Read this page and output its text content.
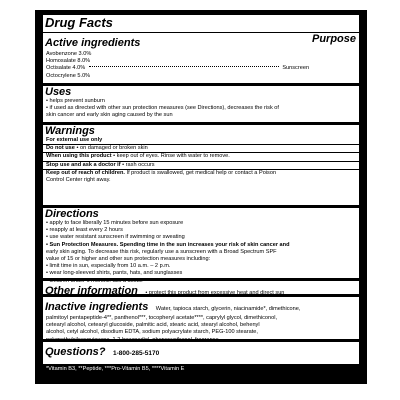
Drug Facts
Active ingredients	Purpose
Avobenzone 3.0%
Homosalate 8.0%
Octisalate 4.0%	Sunscreen
Octocrylene 5.0%
Uses
• helps prevent sunburn
• if used as directed with other sun protection measures (see Directions), decreases the risk of
skin cancer and early skin aging caused by the sun
Warnings
For external use only
Do not use • on damaged or broken skin
When using this product • keep out of eyes. Rinse with water to remove.
Stop use and ask a doctor if • rash occurs
Keep out of reach of children. If product is swallowed, get medical help or contact a Poison
Control Center right away.
Directions
• apply to face liberally 15 minutes before sun exposure
• reapply at least every 2 hours
• use water resistant sunscreen if swimming or sweating
• Sun Protection Measures. Spending time in the sun increases your risk of skin cancer and
early skin aging. To decrease this risk, regularly use a sunscreen with a Broad Spectrum SPF
value of 15 or higher and other sun protection measures including:
• limit time in sun, especially from 10 a.m. – 2 p.m.
• wear long-sleeved shirts, pants, hats, and sunglasses
• children under 6 months: ask a doctor
Other information • protect this product from excessive heat and direct sun
Inactive ingredients Water, tapioca starch, glycerin, niacinamide*, dimethicone,
palmitoyl pentapeptide-4**, panthenol***, tocopheryl acetate****, caprylyl glycol, dimethiconol,
cetearyl alcohol, cetearyl glucoside, palmitic acid, stearic acid, stearyl alcohol, behenyl
alcohol, cetyl alcohol, disodium EDTA, sodium polyacrylate starch, PEG-100 stearate,
polymethylsilsesquioxane, 1,2-hexanediol, phenoxyethanol, fragrance
Questions? 1-800-285-5170
*Vitamin B3, **Peptide, ***Pro-Vitamin B5, ****Vitamin E
